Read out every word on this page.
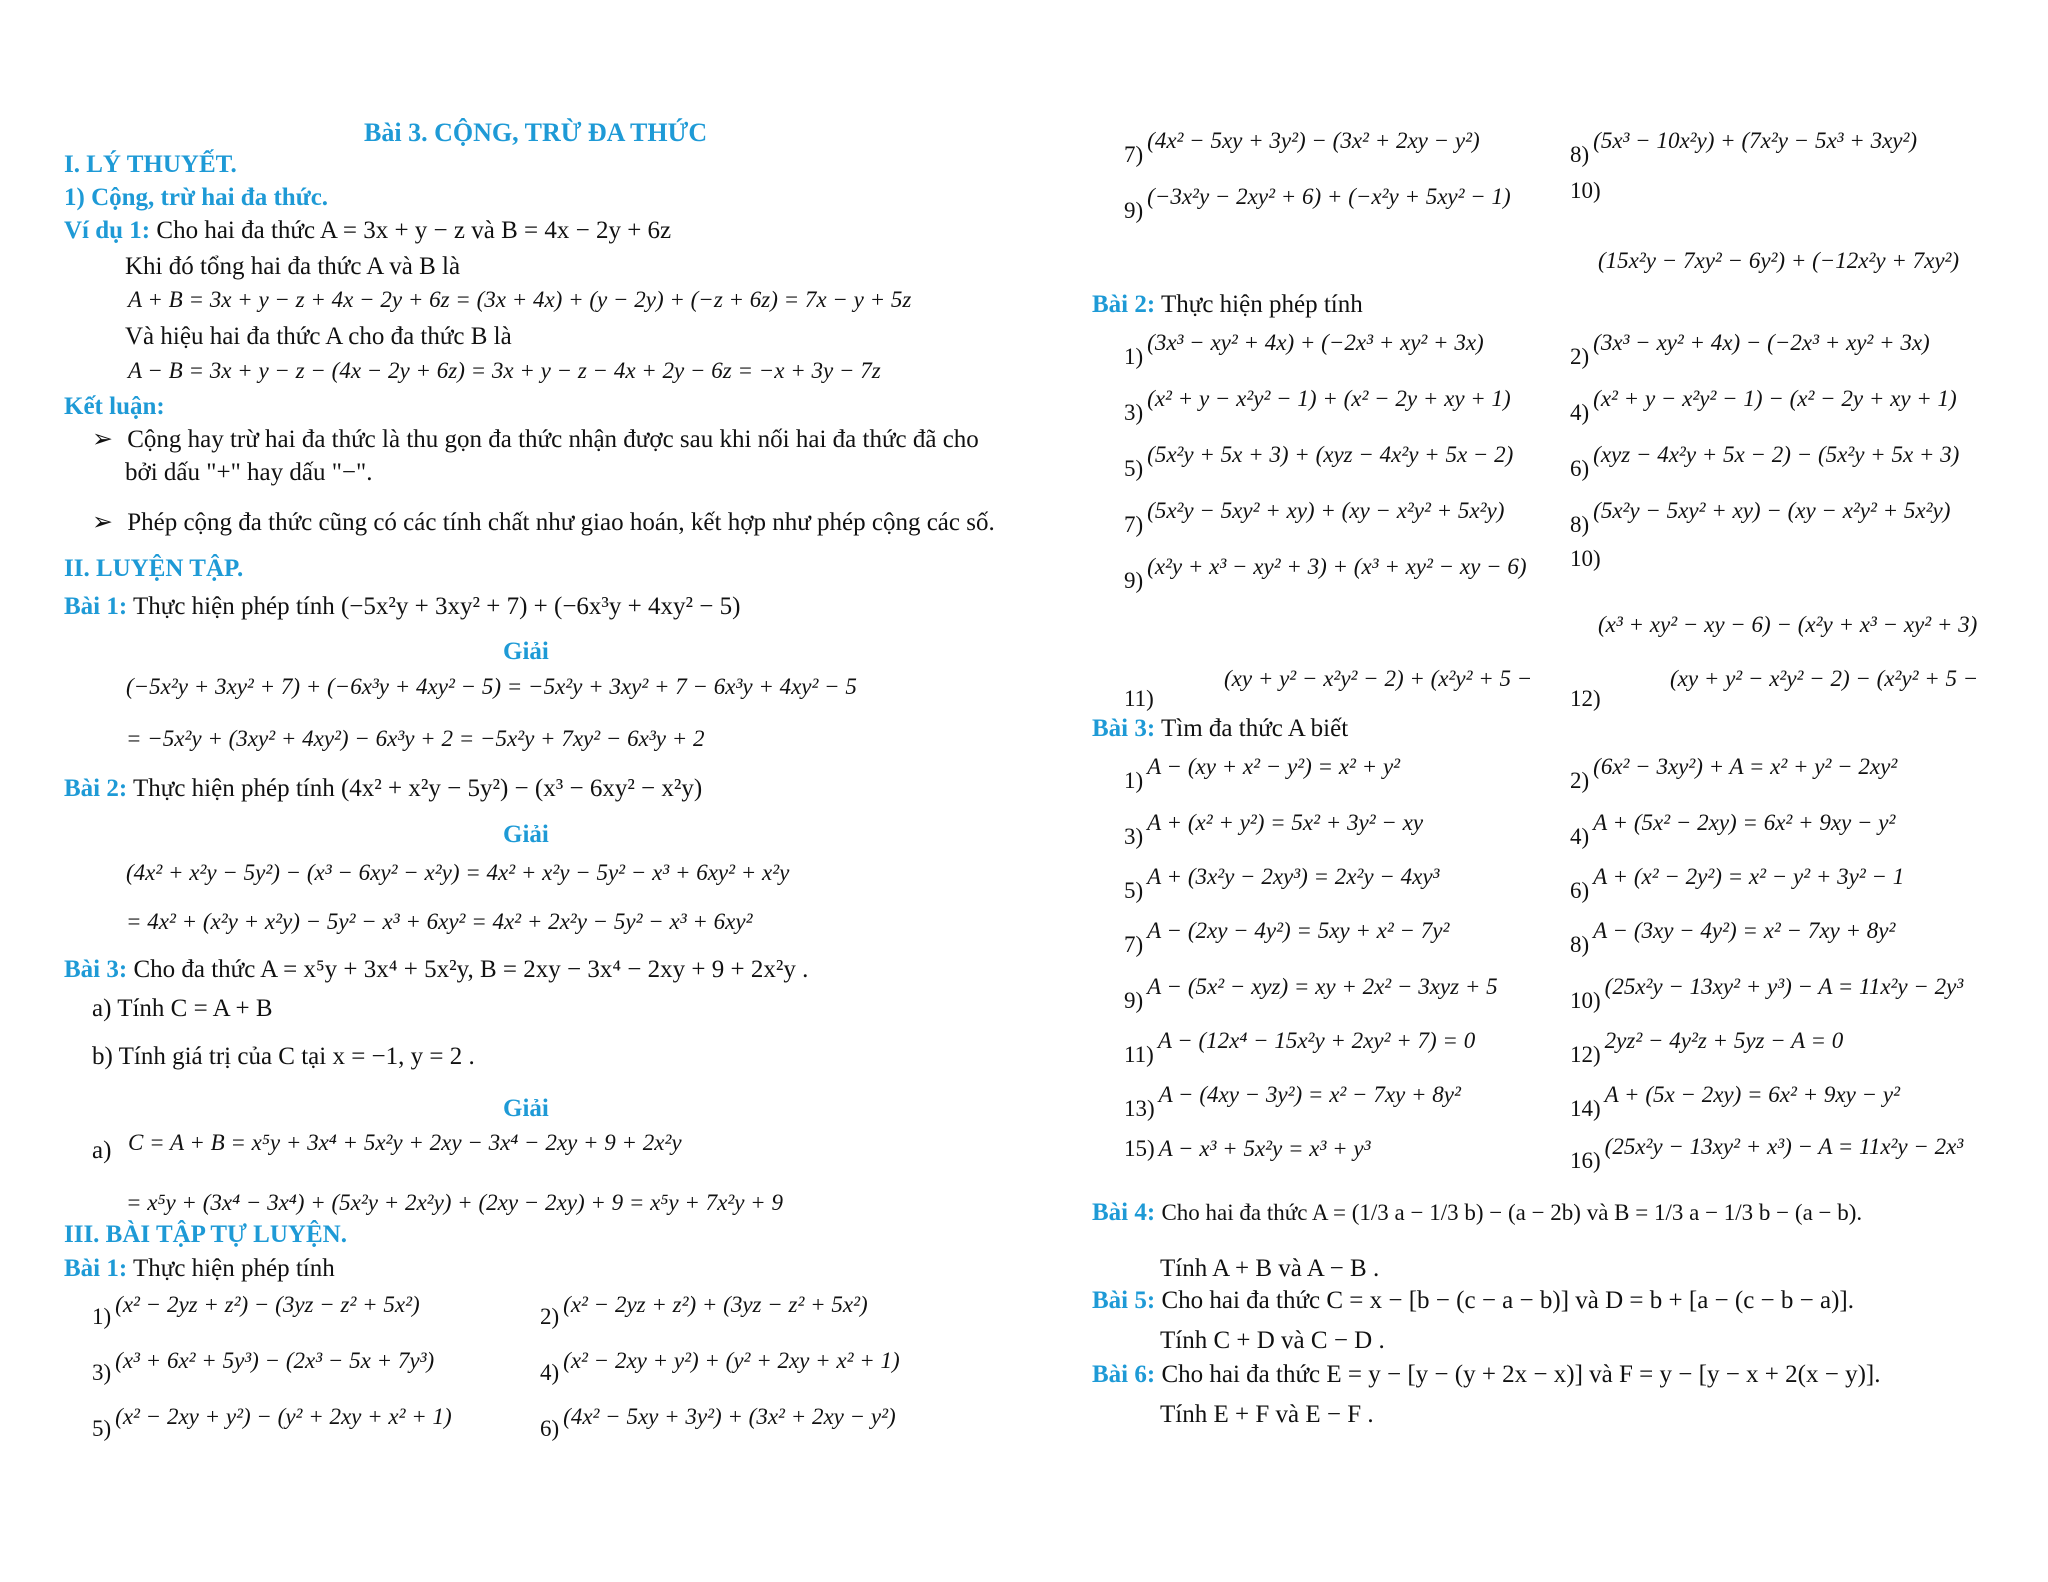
Bài 3. CỘNG, TRỪ ĐA THỨC
I. LÝ THUYẾT.
1) Cộng, trừ hai đa thức.
Ví dụ 1: Cho hai đa thức A = 3x + y − z và B = 4x − 2y + 6z
Khi đó tổng hai đa thức A và B là
A + B = 3x + y − z + 4x − 2y + 6z = (3x + 4x) + (y − 2y) + (−z + 6z) = 7x − y + 5z
Và hiệu hai đa thức A cho đa thức B là
A − B = 3x + y − z − (4x − 2y + 6z) = 3x + y − z − 4x + 2y − 6z = −x + 3y − 7z
Kết luận:
➢ Cộng hay trừ hai đa thức là thu gọn đa thức nhận được sau khi nối hai đa thức đã cho
bởi dấu "+" hay dấu "−".
➢ Phép cộng đa thức cũng có các tính chất như giao hoán, kết hợp như phép cộng các số.
II. LUYỆN TẬP.
Bài 1: Thực hiện phép tính (−5x²y + 3xy² + 7) + (−6x³y + 4xy² − 5)
Giải
(−5x²y + 3xy² + 7) + (−6x³y + 4xy² − 5) = −5x²y + 3xy² + 7 − 6x³y + 4xy² − 5
= −5x²y + (3xy² + 4xy²) − 6x³y + 2 = −5x²y + 7xy² − 6x³y + 2
Bài 2: Thực hiện phép tính (4x² + x²y − 5y²) − (x³ − 6xy² − x²y)
Giải
(4x² + x²y − 5y²) − (x³ − 6xy² − x²y) = 4x² + x²y − 5y² − x³ + 6xy² + x²y
= 4x² + (x²y + x²y) − 5y² − x³ + 6xy² = 4x² + 2x²y − 5y² − x³ + 6xy²
Bài 3: Cho đa thức A = x⁵y + 3x⁴ + 5x²y, B = 2xy − 3x⁴ − 2xy + 9 + 2x²y .
a) Tính C = A + B
b) Tính giá trị của C tại x = −1, y = 2 .
Giải
a) C = A + B = x⁵y + 3x⁴ + 5x²y + 2xy − 3x⁴ − 2xy + 9 + 2x²y
= x⁵y + (3x⁴ − 3x⁴) + (5x²y + 2x²y) + (2xy − 2xy) + 9 = x⁵y + 7x²y + 9
III. BÀI TẬP TỰ LUYỆN.
Bài 1: Thực hiện phép tính
1) (x² − 2yz + z²) − (3yz − z² + 5x²)	2) (x² − 2yz + z²) + (3yz − z² + 5x²)
3) (x³ + 6x² + 5y³) − (2x³ − 5x + 7y³)	4) (x² − 2xy + y²) + (y² + 2xy + x² + 1)
5) (x² − 2xy + y²) − (y² + 2xy + x² + 1)	6) (4x² − 5xy + 3y²) + (3x² + 2xy − y²)
7) (4x² − 5xy + 3y²) − (3x² + 2xy − y²)
8) (5x³ − 10x²y) + (7x²y − 5x³ + 3xy²)
9) (−3x²y − 2xy² + 6) + (−x²y + 5xy² − 1)	10)
(15x²y − 7xy² − 6y²) + (−12x²y + 7xy²)
Bài 2: Thực hiện phép tính
1) (3x³ − xy² + 4x) + (−2x³ + xy² + 3x)
2) (3x³ − xy² + 4x) − (−2x³ + xy² + 3x)
3) (x² + y − x²y² − 1) + (x² − 2y + xy + 1)
4) (x² + y − x²y² − 1) − (x² − 2y + xy + 1)
5) (5x²y + 5x + 3) + (xyz − 4x²y + 5x − 2)
6) (xyz − 4x²y + 5x − 2) − (5x²y + 5x + 3)
7) (5x²y − 5xy² + xy) + (xy − x²y² + 5x²y)
8) (5x²y − 5xy² + xy) − (xy − x²y² + 5x²y)
9) (x²y + x³ − xy² + 3) + (x³ + xy² − xy − 6) 10)
(x³ + xy² − xy − 6) − (x²y + x³ − xy² + 3)
11)
(xy + y² − x²y² − 2) + (x²y² + 5 −
12)
(xy + y² − x²y² − 2) − (x²y² + 5 −
Bài 3: Tìm đa thức A biết
1) A − (xy + x² − y²) = x² + y²
2) (6x² − 3xy²) + A = x² + y² − 2xy²
3) A + (x² + y²) = 5x² + 3y² − xy
4) A + (5x² − 2xy) = 6x² + 9xy − y²
5) A + (3x²y − 2xy³) = 2x²y − 4xy³
6) A + (x² − 2y²) = x² − y² + 3y² − 1
7) A − (2xy − 4y²) = 5xy + x² − 7y²
8) A − (3xy − 4y²) = x² − 7xy + 8y²
9) A − (5x² − xyz) = xy + 2x² − 3xyz + 5
10) (25x²y − 13xy² + y³) − A = 11x²y − 2y³
11) A − (12x⁴ − 15x²y + 2xy² + 7) = 0
12) 2yz² − 4y²z + 5yz − A = 0
13) A − (4xy − 3y²) = x² − 7xy + 8y²
14) A + (5x − 2xy) = 6x² + 9xy − y²
15) A − x³ + 5x²y = x³ + y³	16) (25x²y − 13xy² + x³) − A = 11x²y − 2x³
Bài 4: Cho hai đa thức A = (1/3 a − 1/3 b) − (a − 2b) và B = 1/3 a − 1/3 b − (a − b).
Tính A + B và A − B .
Bài 5: Cho hai đa thức C = x − [b − (c − a − b)] và D = b + [a − (c − b − a)].
Tính C + D và C − D .
Bài 6: Cho hai đa thức E = y − [y − (y + 2x − x)] và F = y − [y − x + 2(x − y)].
Tính E + F và E − F .
